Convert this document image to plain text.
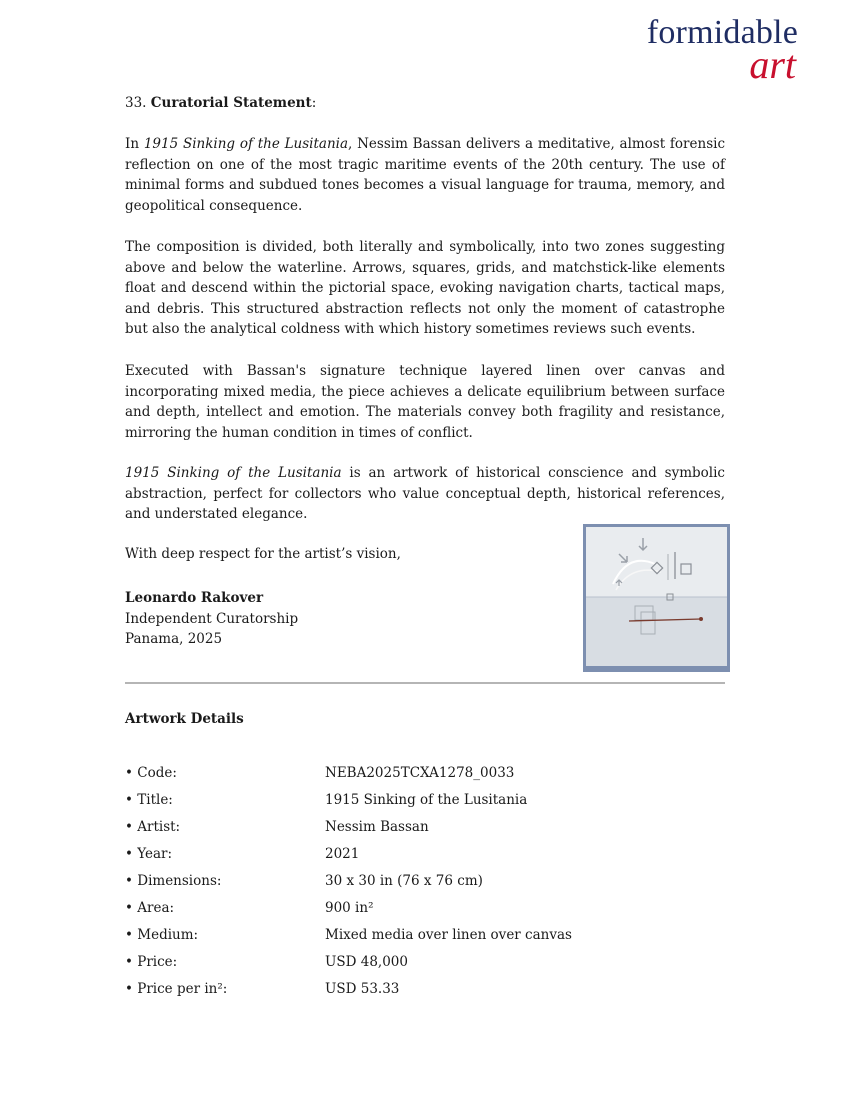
formidable
art
33. Curatorial Statement:

In 1915 Sinking of the Lusitania, Nessim Bassan delivers a meditative, almost forensic reflection on one of the most tragic maritime events of the 20th century. The use of minimal forms and subdued tones becomes a visual language for trauma, memory, and geopolitical consequence.

The composition is divided, both literally and symbolically, into two zones suggesting above and below the waterline. Arrows, squares, grids, and matchstick-like elements float and descend within the pictorial space, evoking navigation charts, tactical maps, and debris. This structured abstraction reflects not only the moment of catastrophe but also the analytical coldness with which history sometimes reviews such events.

Executed with Bassan's signature technique layered linen over canvas and incorporating mixed media, the piece achieves a delicate equilibrium between surface and depth, intellect and emotion. The materials convey both fragility and resistance, mirroring the human condition in times of conflict.

1915 Sinking of the Lusitania is an artwork of historical conscience and symbolic abstraction, perfect for collectors who value conceptual depth, historical references, and understated elegance.

With deep respect for the artist’s vision,
Leonardo Rakover
Independent Curatorship
Panama, 2025
Artwork Details
• Code:	NEBA2025TCXA1278_0033
• Title:	1915 Sinking of the Lusitania
• Artist:	Nessim Bassan
• Year:	2021
• Dimensions:	30 x 30 in (76 x 76 cm)
• Area:	900 in²
• Medium:	Mixed media over linen over canvas
• Price:	USD 48,000
• Price per in²:	USD 53.33
